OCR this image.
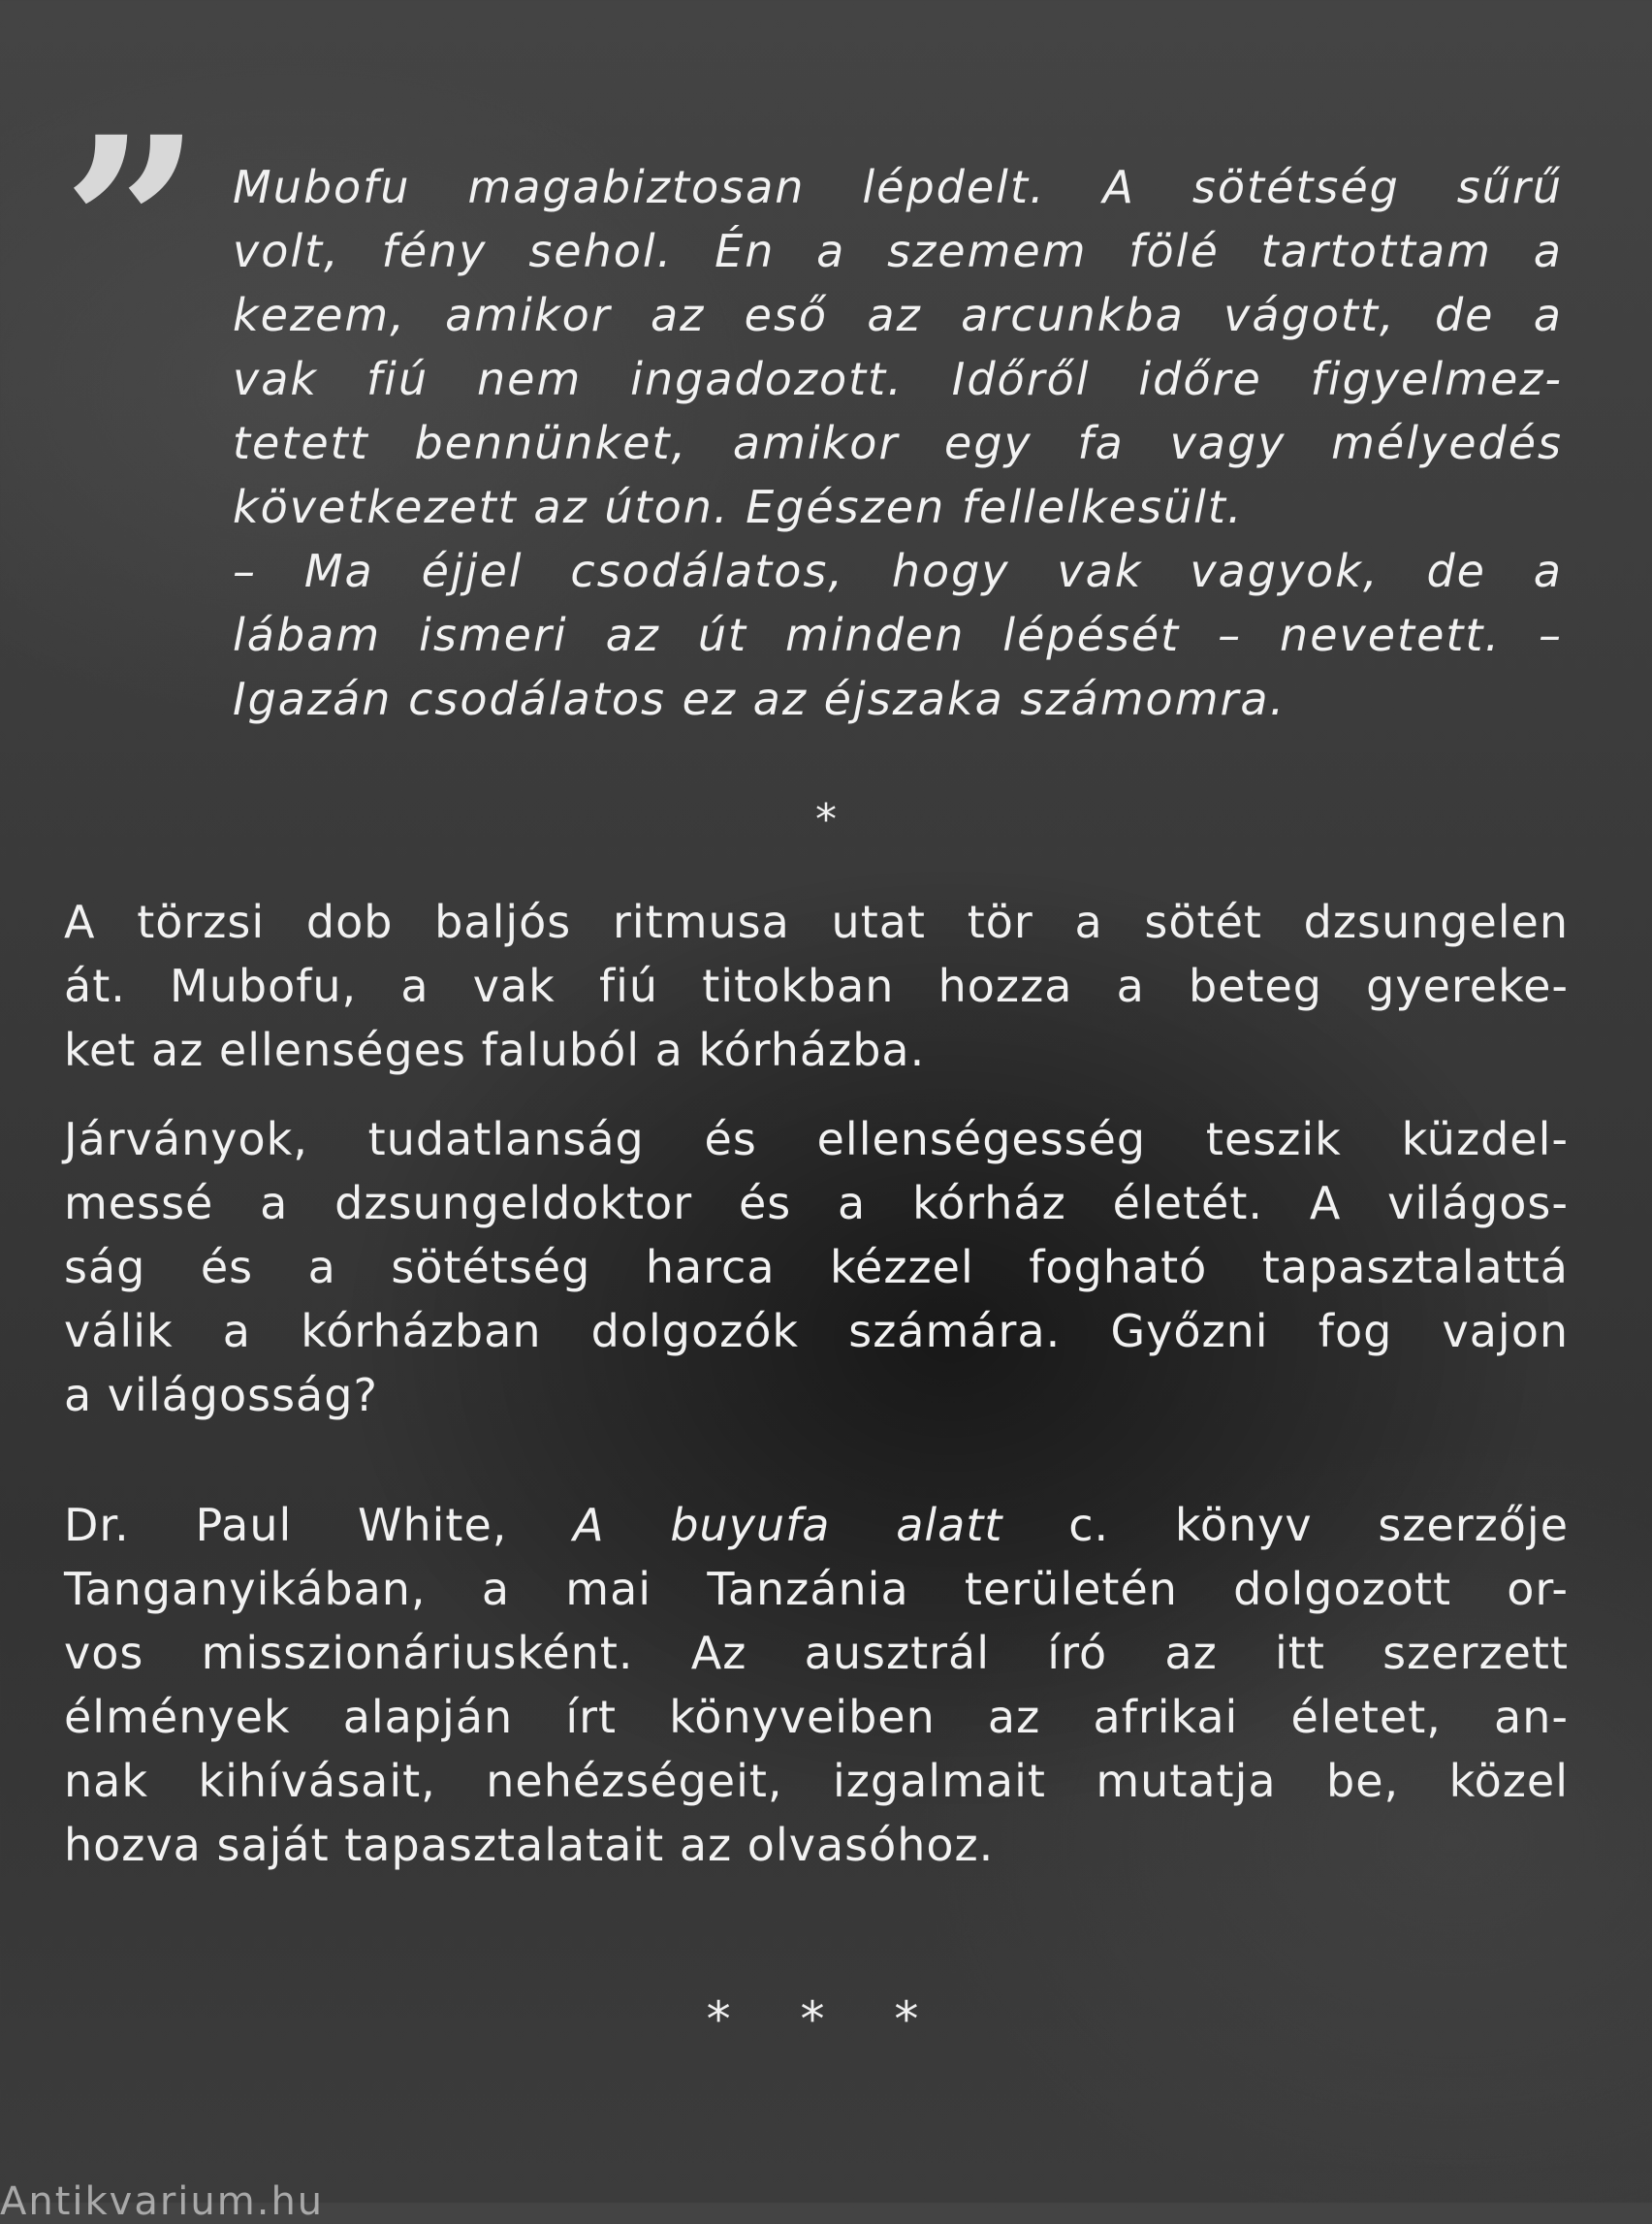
” Mubofu magabiztosan lépdelt. A sötétség sűrű
volt, fény sehol. Én a szemem fölé tartottam a
kezem, amikor az eső az arcunkba vágott, de a
vak fiú nem ingadozott. Időről időre figyelmez-
tetett bennünket, amikor egy fa vagy mélyedés
következett az úton. Egészen fellelkesült.
– Ma éjjel csodálatos, hogy vak vagyok, de a
lábam ismeri az út minden lépését – nevetett. –
Igazán csodálatos ez az éjszaka számomra.
*
A törzsi dob baljós ritmusa utat tör a sötét dzsungelen
át. Mubofu, a vak fiú titokban hozza a beteg gyereke-
ket az ellenséges faluból a kórházba.
Járványok, tudatlanság és ellenségesség teszik küzdel-
messé a dzsungeldoktor és a kórház életét. A világos-
ság és a sötétség harca kézzel fogható tapasztalattá
válik a kórházban dolgozók számára. Győzni fog vajon
a világosság?
Dr. Paul White, A buyufa alatt c. könyv szerzője
Tanganyikában, a mai Tanzánia területén dolgozott or-
vos misszionáriusként. Az ausztrál író az itt szerzett
élmények alapján írt könyveiben az afrikai életet, an-
nak kihívásait, nehézségeit, izgalmait mutatja be, közel
hozva saját tapasztalatait az olvasóhoz.
* * *
Antikvarium.hu
